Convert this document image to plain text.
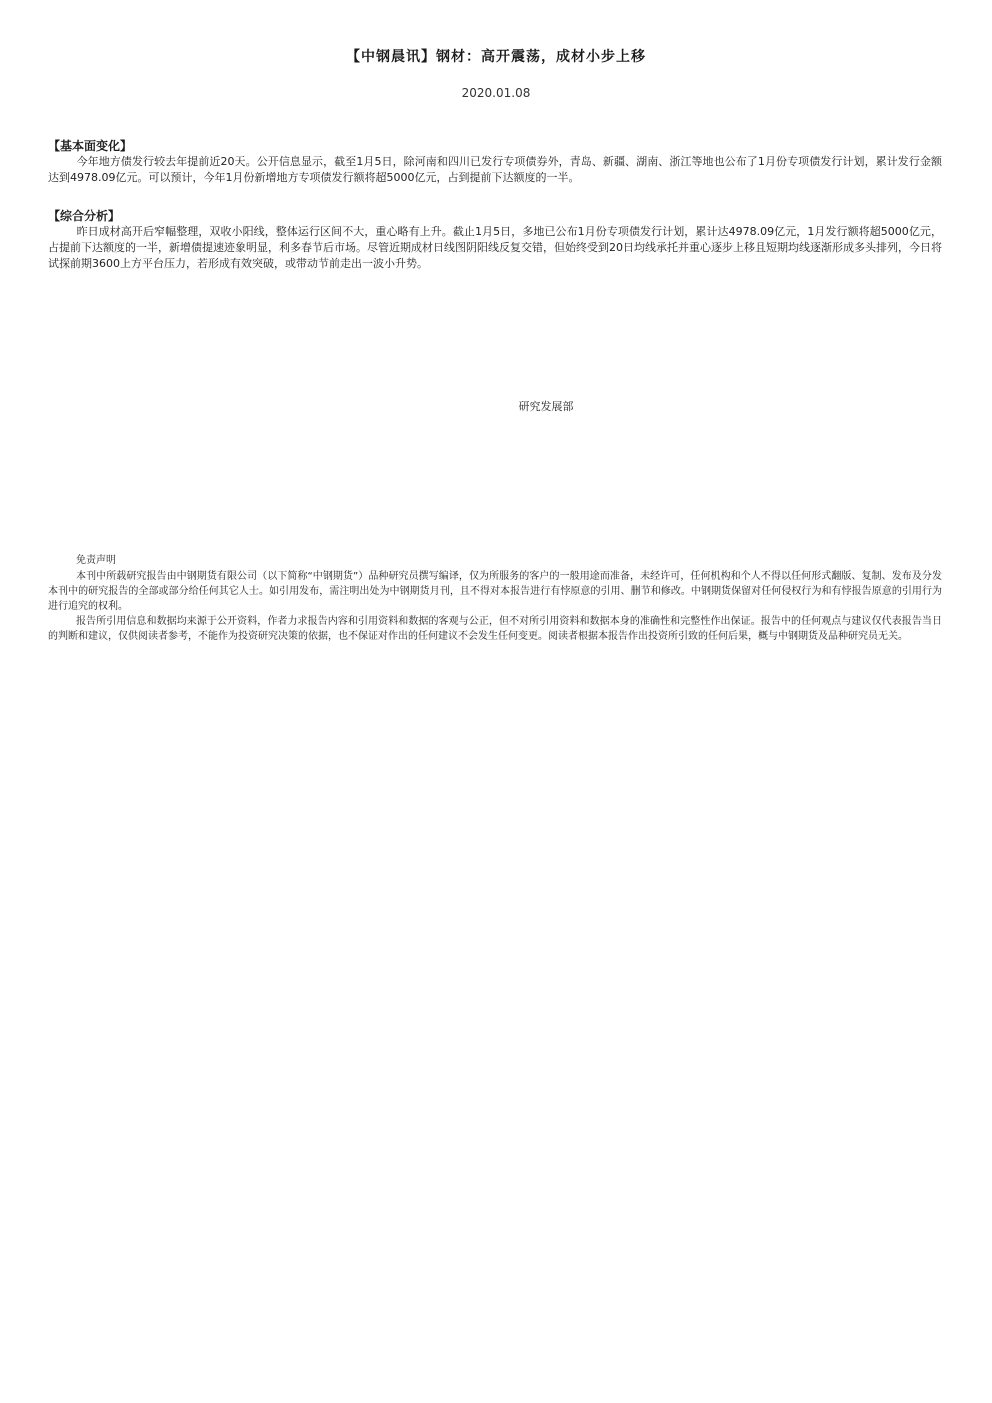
【中钢晨讯】钢材：高开震荡，成材小步上移
2020.01.08
【基本面变化】
今年地方债发行较去年提前近20天。公开信息显示，截至1月5日，除河南和四川已发行专项债券外，青岛、新疆、湖南、浙江等地也公布了1月份专项债发行计划，累计发行金额达到4978.09亿元。可以预计，今年1月份新增地方专项债发行额将超5000亿元，占到提前下达额度的一半。
【综合分析】
昨日成材高开后窄幅整理，双收小阳线，整体运行区间不大，重心略有上升。截止1月5日，多地已公布1月份专项债发行计划，累计达4978.09亿元，1月发行额将超5000亿元，占提前下达额度的一半，新增债提速迹象明显，利多春节后市场。尽管近期成材日线图阴阳线反复交错，但始终受到20日均线承托并重心逐步上移且短期均线逐渐形成多头排列，今日将试探前期3600上方平台压力，若形成有效突破，或带动节前走出一波小升势。
研究发展部
免责声明
本刊中所载研究报告由中钢期货有限公司（以下简称“中钢期货”）品种研究员撰写编译，仅为所服务的客户的一般用途而准备，未经许可，任何机构和个人不得以任何形式翻版、复制、发布及分发本刊中的研究报告的全部或部分给任何其它人士。如引用发布，需注明出处为中钢期货月刊，且不得对本报告进行有悖原意的引用、删节和修改。中钢期货保留对任何侵权行为和有悖报告原意的引用行为进行追究的权利。
报告所引用信息和数据均来源于公开资料，作者力求报告内容和引用资料和数据的客观与公正，但不对所引用资料和数据本身的准确性和完整性作出保证。报告中的任何观点与建议仅代表报告当日的判断和建议，仅供阅读者参考，不能作为投资研究决策的依据，也不保证对作出的任何建议不会发生任何变更。阅读者根据本报告作出投资所引致的任何后果，概与中钢期货及品种研究员无关。
